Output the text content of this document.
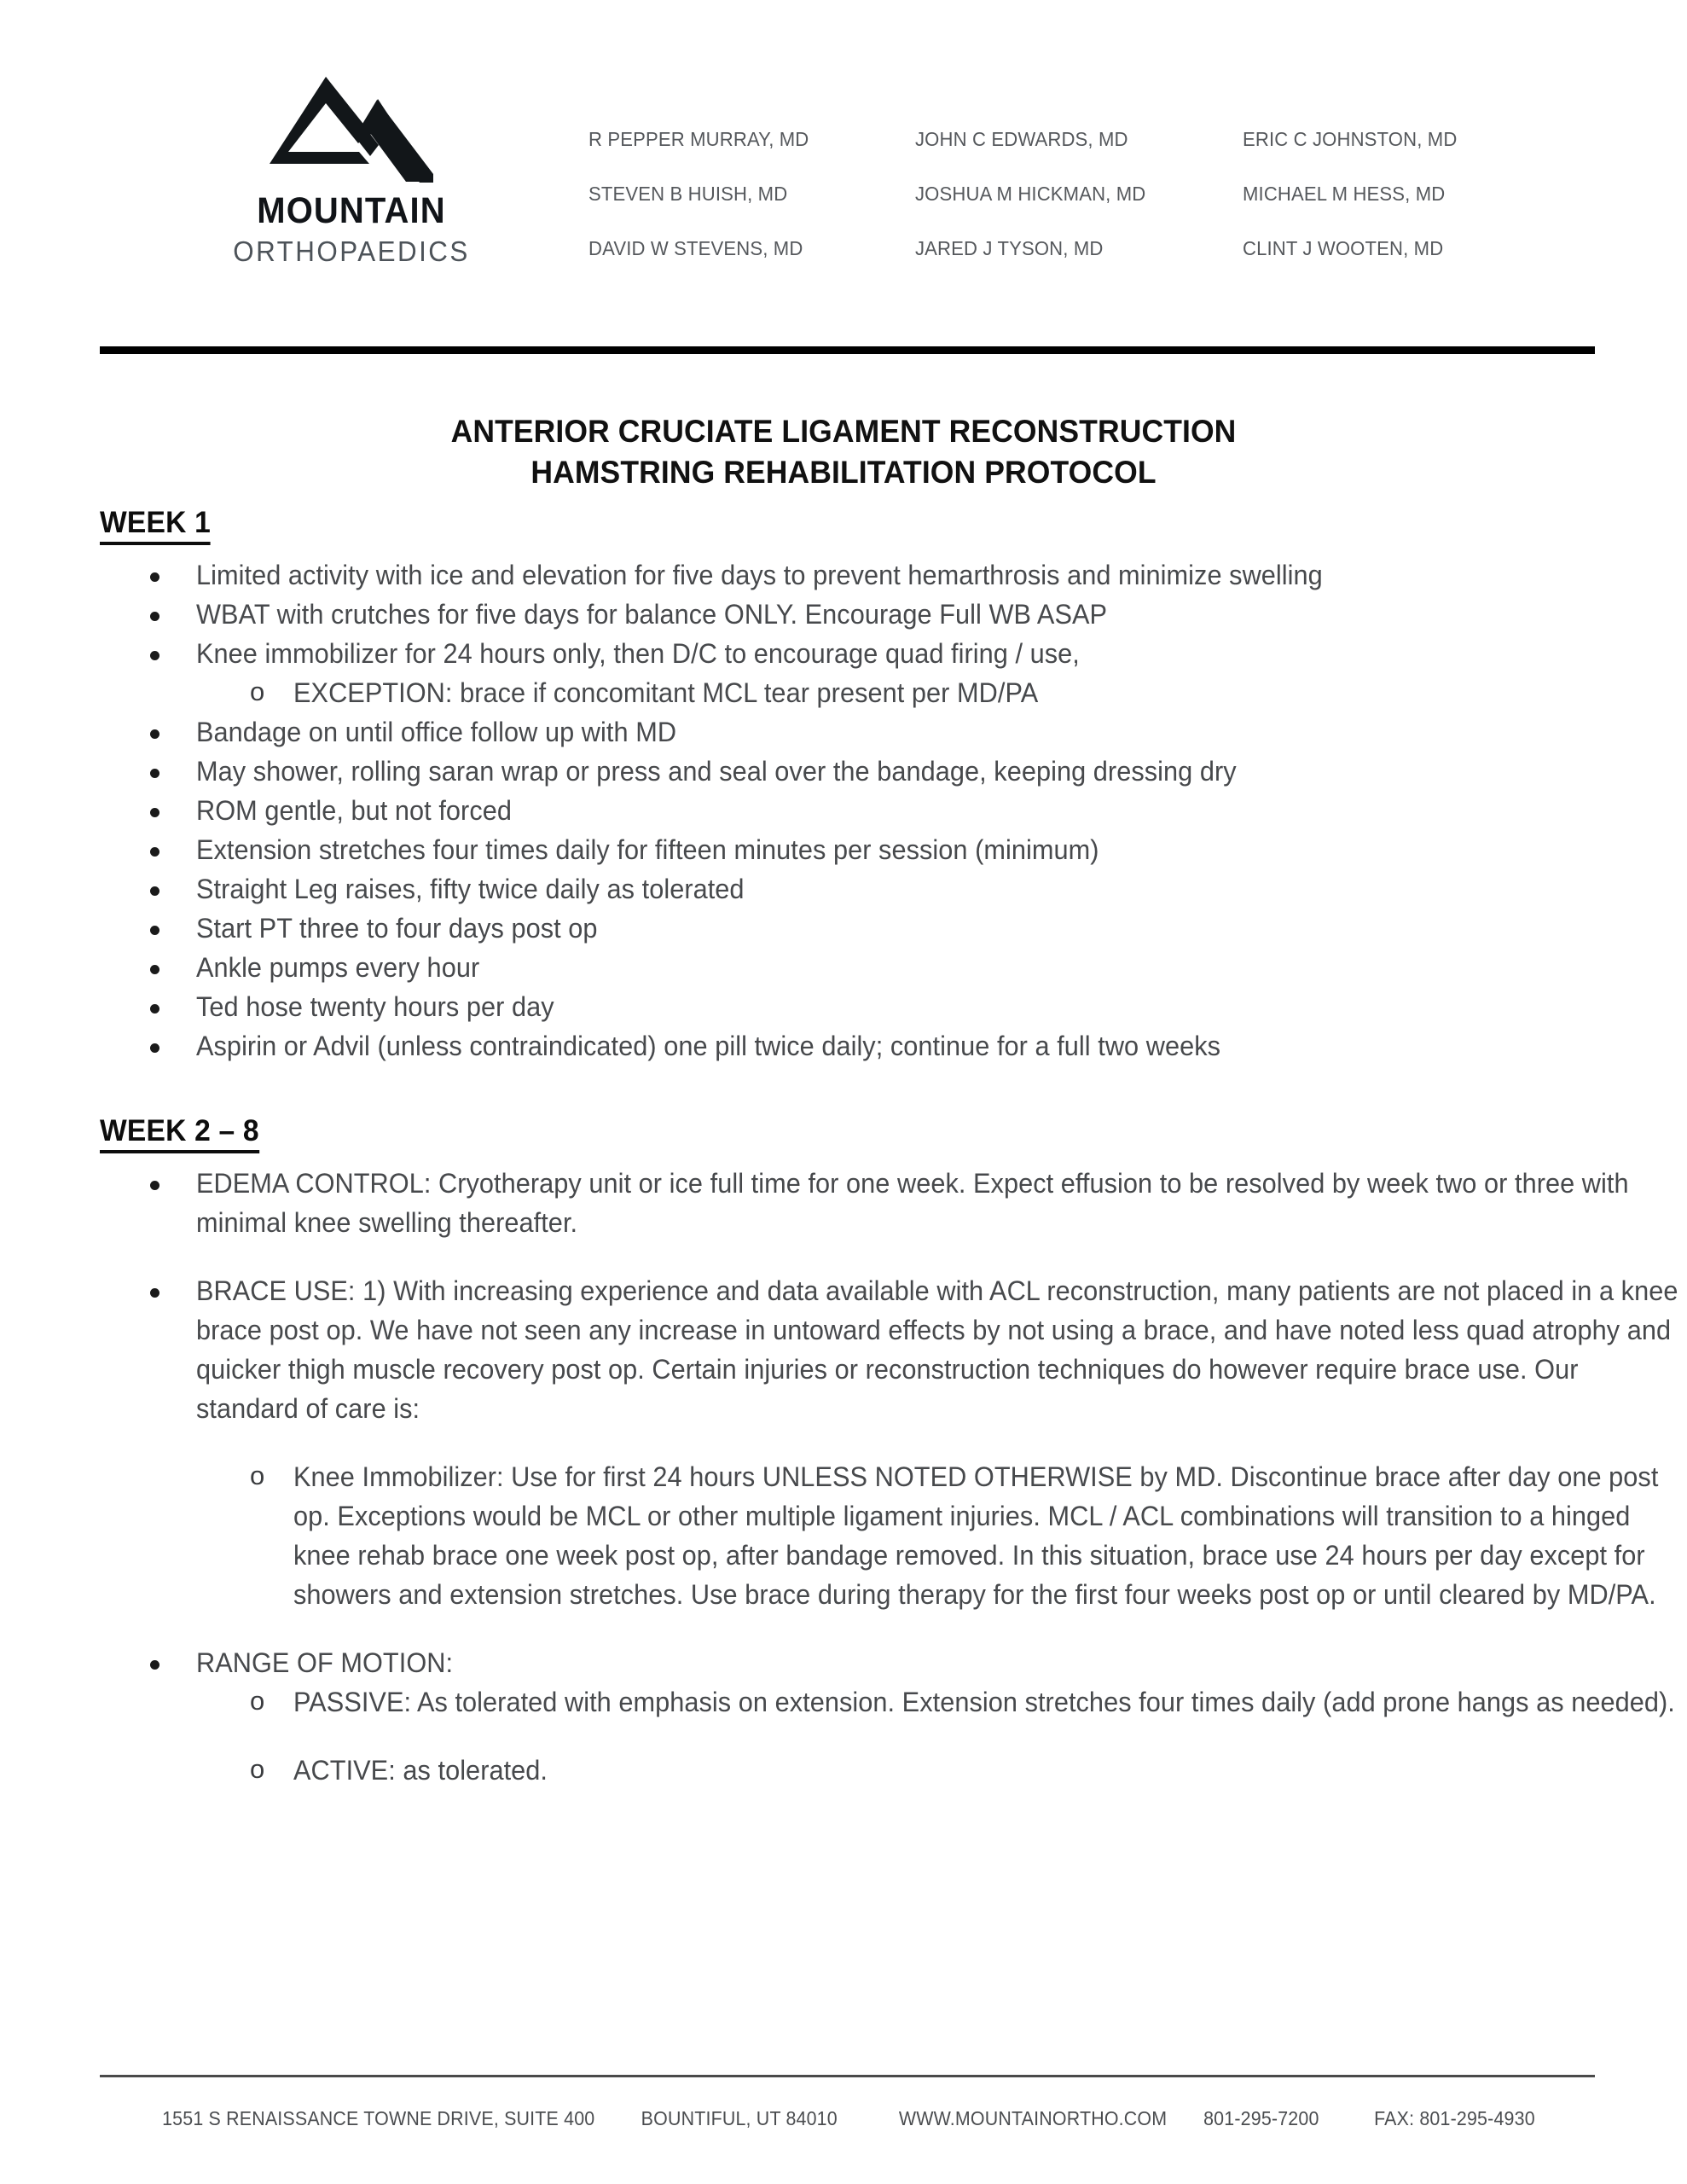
MOUNTAIN
ORTHOPAEDICS
R PEPPER MURRAY, MD	JOHN C EDWARDS, MD	ERIC C JOHNSTON, MD
STEVEN B HUISH, MD	JOSHUA M HICKMAN, MD	MICHAEL M HESS, MD
DAVID W STEVENS, MD	JARED J TYSON, MD	CLINT J WOOTEN, MD
ANTERIOR CRUCIATE LIGAMENT RECONSTRUCTION
HAMSTRING REHABILITATION PROTOCOL
WEEK 1
Limited activity with ice and elevation for five days to prevent hemarthrosis and minimize swelling
WBAT with crutches for five days for balance ONLY. Encourage Full WB ASAP
Knee immobilizer for 24 hours only, then D/C to encourage quad firing / use,
o EXCEPTION: brace if concomitant MCL tear present per MD/PA
Bandage on until office follow up with MD
May shower, rolling saran wrap or press and seal over the bandage, keeping dressing dry
ROM gentle, but not forced
Extension stretches four times daily for fifteen minutes per session (minimum)
Straight Leg raises, fifty twice daily as tolerated
Start PT three to four days post op
Ankle pumps every hour
Ted hose twenty hours per day
Aspirin or Advil (unless contraindicated) one pill twice daily; continue for a full two weeks
WEEK 2 – 8
EDEMA CONTROL: Cryotherapy unit or ice full time for one week. Expect effusion to be resolved by week two or three with minimal knee swelling thereafter.
BRACE USE: 1) With increasing experience and data available with ACL reconstruction, many patients are not placed in a knee brace post op. We have not seen any increase in untoward effects by not using a brace, and have noted less quad atrophy and quicker thigh muscle recovery post op. Certain injuries or reconstruction techniques do however require brace use. Our standard of care is:
o Knee Immobilizer: Use for first 24 hours UNLESS NOTED OTHERWISE by MD. Discontinue brace after day one post op. Exceptions would be MCL or other multiple ligament injuries. MCL / ACL combinations will transition to a hinged knee rehab brace one week post op, after bandage removed. In this situation, brace use 24 hours per day except for showers and extension stretches. Use brace during therapy for the first four weeks post op or until cleared by MD/PA.
RANGE OF MOTION:
o PASSIVE: As tolerated with emphasis on extension. Extension stretches four times daily (add prone hangs as needed).
o ACTIVE: as tolerated.
1551 S RENAISSANCE TOWNE DRIVE, SUITE 400 BOUNTIFUL, UT 84010	WWW.MOUNTAINORTHO.COM 801-295-7200	FAX: 801-295-4930
